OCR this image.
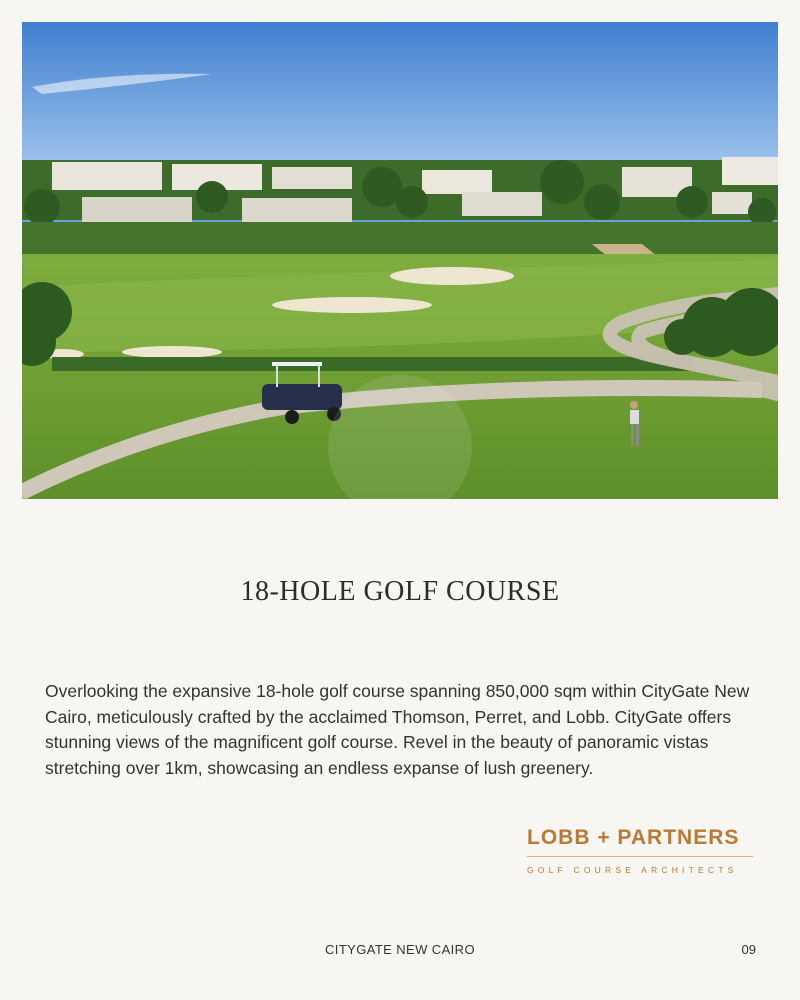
18-HOLE GOLF COURSE

Overlooking the expansive 18-hole golf course spanning 850,000 sqm within CityGate New Cairo, meticulously crafted by the acclaimed Thomson, Perret, and Lobb. CityGate offers stunning views of the magnificent golf course. Revel in the beauty of panoramic vistas stretching over 1km, showcasing an endless expanse of lush greenery.

LOBB + PARTNERS
GOLF COURSE ARCHITECTS
CITYGATE NEW CAIRO	09
